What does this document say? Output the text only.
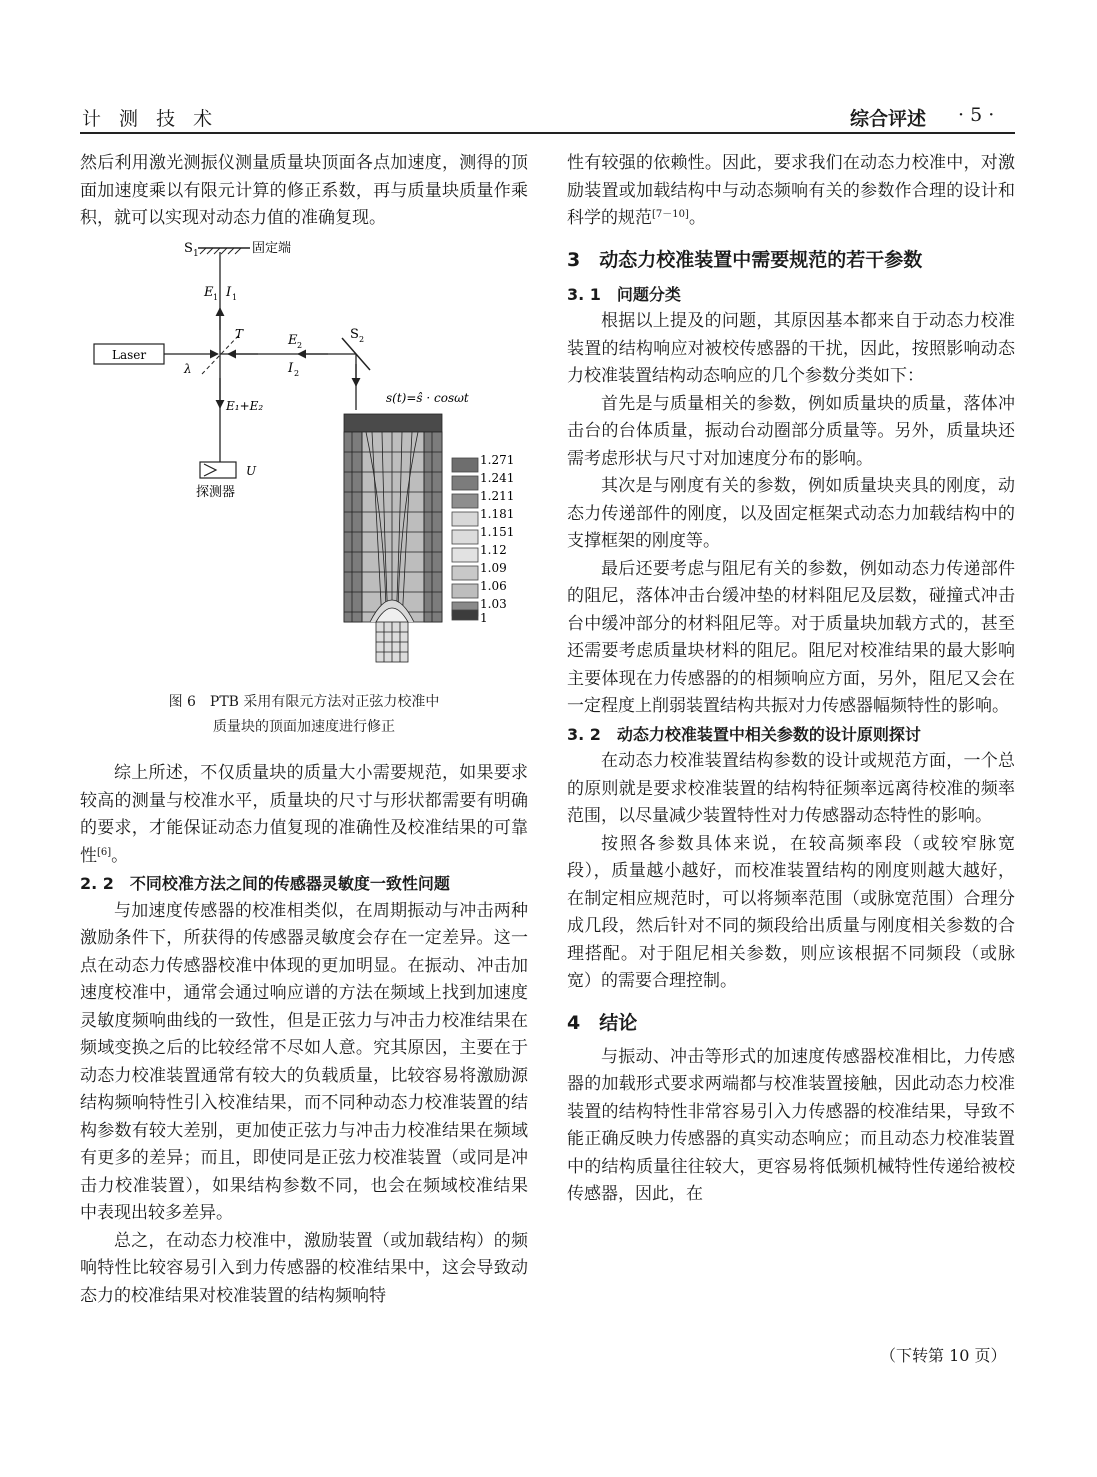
计 测 技 术	综合评述 · 5 ·

然后利用激光测振仪测量质量块顶面各点加速度，测得的顶面加速度乘以有限元计算的修正系数，再与质量块质量作乘积，就可以实现对动态力值的准确复现。

S 1	固定端
E 1 I 1
T
Laser
λ
E 2
I 2
S 2
s(t)=ŝ · cosωt
E₁+E₂
U
探测器
1.271
1.241
1.211
1.181
1.151
1.12
1.09
1.06
1.03
1
图 6　PTB 采用有限元方法对正弦力校准中
质量块的顶面加速度进行修正

综上所述，不仅质量块的质量大小需要规范，如果要求较高的测量与校准水平，质量块的尺寸与形状都需要有明确的要求，才能保证动态力值复现的准确性及校准结果的可靠性[6]。

2. 2　不同校准方法之间的传感器灵敏度一致性问题

与加速度传感器的校准相类似，在周期振动与冲击两种激励条件下，所获得的传感器灵敏度会存在一定差异。这一点在动态力传感器校准中体现的更加明显。在振动、冲击加速度校准中，通常会通过响应谱的方法在频域上找到加速度灵敏度频响曲线的一致性，但是正弦力与冲击力校准结果在频域变换之后的比较经常不尽如人意。究其原因，主要在于动态力校准装置通常有较大的负载质量，比较容易将激励源结构频响特性引入校准结果，而不同种动态力校准装置的结构参数有较大差别，更加使正弦力与冲击力校准结果在频域有更多的差异；而且，即使同是正弦力校准装置（或同是冲击力校准装置），如果结构参数不同，也会在频域校准结果中表现出较多差异。

总之，在动态力校准中，激励装置（或加载结构）的频响特性比较容易引入到力传感器的校准结果中，这会导致动态力的校准结果对校准装置的结构频响特

性有较强的依赖性。因此，要求我们在动态力校准中，对激励装置或加载结构中与动态频响有关的参数作合理的设计和科学的规范[7－10]。

3　动态力校准装置中需要规范的若干参数

3. 1　问题分类

根据以上提及的问题，其原因基本都来自于动态力校准装置的结构响应对被校传感器的干扰，因此，按照影响动态力校准装置结构动态响应的几个参数分类如下：

首先是与质量相关的参数，例如质量块的质量，落体冲击台的台体质量，振动台动圈部分质量等。另外，质量块还需考虑形状与尺寸对加速度分布的影响。

其次是与刚度有关的参数，例如质量块夹具的刚度，动态力传递部件的刚度，以及固定框架式动态力加载结构中的支撑框架的刚度等。

最后还要考虑与阻尼有关的参数，例如动态力传递部件的阻尼，落体冲击台缓冲垫的材料阻尼及层数，碰撞式冲击台中缓冲部分的材料阻尼等。对于质量块加载方式的，甚至还需要考虑质量块材料的阻尼。阻尼对校准结果的最大影响主要体现在力传感器的的相频响应方面，另外，阻尼又会在一定程度上削弱装置结构共振对力传感器幅频特性的影响。

3. 2　动态力校准装置中相关参数的设计原则探讨

在动态力校准装置结构参数的设计或规范方面，一个总的原则就是要求校准装置的结构特征频率远离待校准的频率范围，以尽量减少装置特性对力传感器动态特性的影响。

按照各参数具体来说，在较高频率段（或较窄脉宽段），质量越小越好，而校准装置结构的刚度则越大越好，在制定相应规范时，可以将频率范围（或脉宽范围）合理分成几段，然后针对不同的频段给出质量与刚度相关参数的合理搭配。对于阻尼相关参数，则应该根据不同频段（或脉宽）的需要合理控制。

4　结论

与振动、冲击等形式的加速度传感器校准相比，力传感器的加载形式要求两端都与校准装置接触，因此动态力校准装置的结构特性非常容易引入力传感器的校准结果，导致不能正确反映力传感器的真实动态响应；而且动态力校准装置中的结构质量往往较大，更容易将低频机械特性传递给被校传感器，因此，在

（下转第 10 页）
